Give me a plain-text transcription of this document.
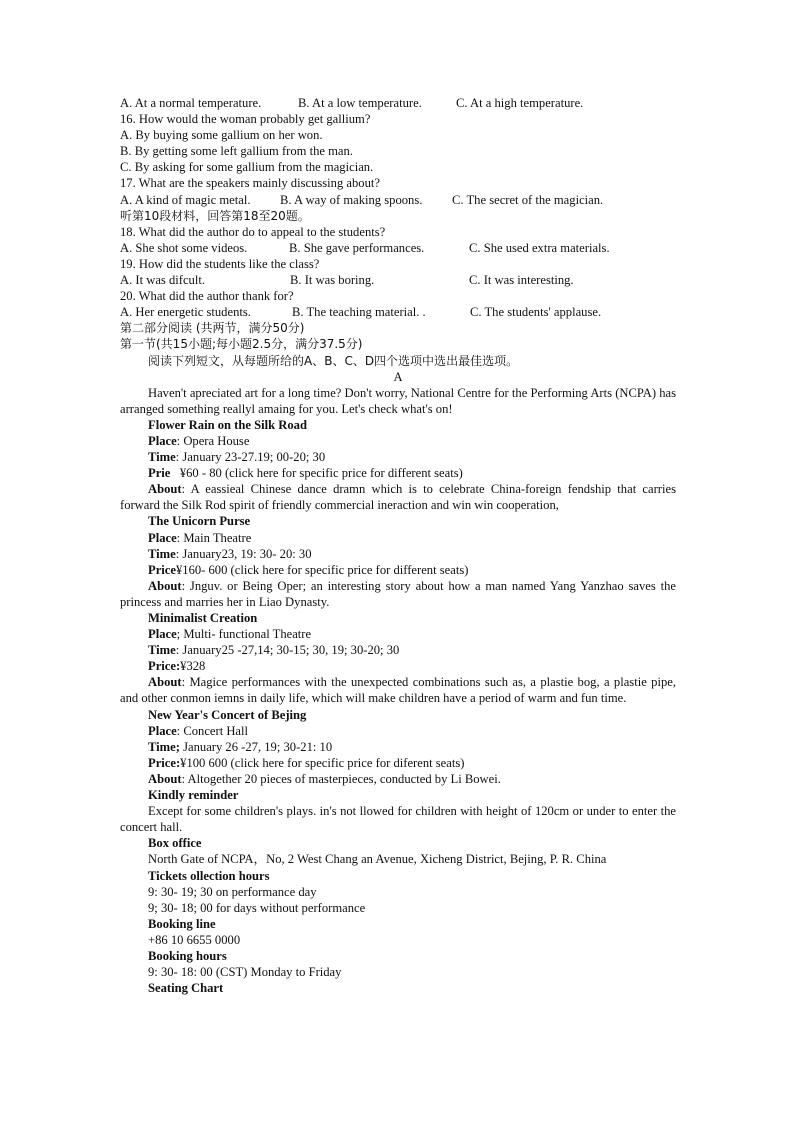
A. At a normal temperature.	B. At a low temperature.	C. At a high temperature.
16. How would the woman probably get gallium?
A. By buying some gallium on her won.
B. By getting some left gallium from the man.
C. By asking for some gallium from the magician.
17. What are the speakers mainly discussing about?
A. A kind of magic metal.	B. A way of making spoons.	C. The secret of the magician.
听第10段材料，回答第18至20题。
18. What did the author do to appeal to the students?
A. She shot some videos.	B. She gave performances.	C. She used extra materials.
19. How did the students like the class?
A. It was difcult.	B. It was boring.	C. It was interesting.
20. What did the author thank for?
A. Her energetic students.	B. The teaching material. .	C. The students' applause.
第二部分阅读 (共两节，满分50分)
第一节(共15小题;每小题2.5分，满分37.5分)
阅读下列短文，从每题所给的A、B、C、D四个选项中选出最佳选项。
A
Haven't apreciated art for a long time? Don't worry, National Centre for the Performing Arts (NCPA) has arranged something reallyl amaing for you. Let's check what's on!
Flower Rain on the Silk Road
Place: Opera House
Time: January 23-27.19; 00-20; 30
Prie   ¥60 - 80 (click here for specific price for different seats)
About: A eassieal Chinese dance dramn which is to celebrate China-foreign fendship that carries forward the Silk Rod spirit of friendly commercial ineraction and win win cooperation,
The Unicorn Purse
Place: Main Theatre
Time: January23, 19: 30- 20: 30
Price¥160- 600 (click here for specific price for different seats)
About: Jnguv. or Being Oper; an interesting story about how a man named Yang Yanzhao saves the princess and marries her in Liao Dynasty.
Minimalist Creation
Place; Multi- functional Theatre
Time: January25 -27,14; 30-15; 30, 19; 30-20; 30
Price:¥328
About: Magice performances with the unexpected combinations such as, a plastie bog, a plastie pipe, and other conmon iemns in daily life, which will make children have a period of warm and fun time.
New Year's Concert of Bejing
Place: Concert Hall
Time; January 26 -27, 19; 30-21: 10
Price:¥100 600 (click here for specific price for diferent seats)
About: Altogether 20 pieces of masterpieces, conducted by Li Bowei.
Kindly reminder
Except for some children's plays. in's not llowed for children with height of 120cm or under to enter the concert hall.
Box office
North Gate of NCPA，No, 2 West Chang an Avenue, Xicheng District, Bejing, P. R. China
Tickets ollection hours
9: 30- 19; 30 on performance day
9; 30- 18; 00 for days without performance
Booking line
+86 10 6655 0000
Booking hours
9: 30- 18: 00 (CST) Monday to Friday
Seating Chart
